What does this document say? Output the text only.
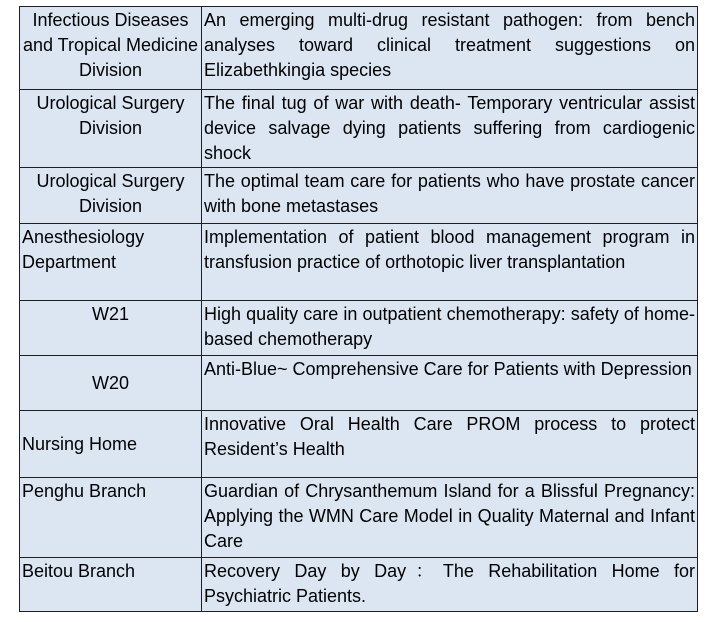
Infectious Diseases and Tropical Medicine Division	An emerging multi-drug resistant pathogen: from bench analyses toward clinical treatment suggestions on Elizabethkingia species
Urological Surgery Division	The final tug of war with death- Temporary ventricular assist device salvage dying patients suffering from cardiogenic shock
Urological Surgery Division	The optimal team care for patients who have prostate cancer with bone metastases
Anesthesiology Department	Implementation of patient blood management program in transfusion practice of orthotopic liver transplantation
W21	High quality care in outpatient chemotherapy: safety of home-based chemotherapy
W20	Anti-Blue~ Comprehensive Care for Patients with Depression
Nursing Home	Innovative Oral Health Care PROM process to protect Resident’s Health
Penghu Branch	Guardian of Chrysanthemum Island for a Blissful Pregnancy: Applying the WMN Care Model in Quality Maternal and Infant Care
Beitou Branch	Recovery Day by Day：The Rehabilitation Home for Psychiatric Patients.
